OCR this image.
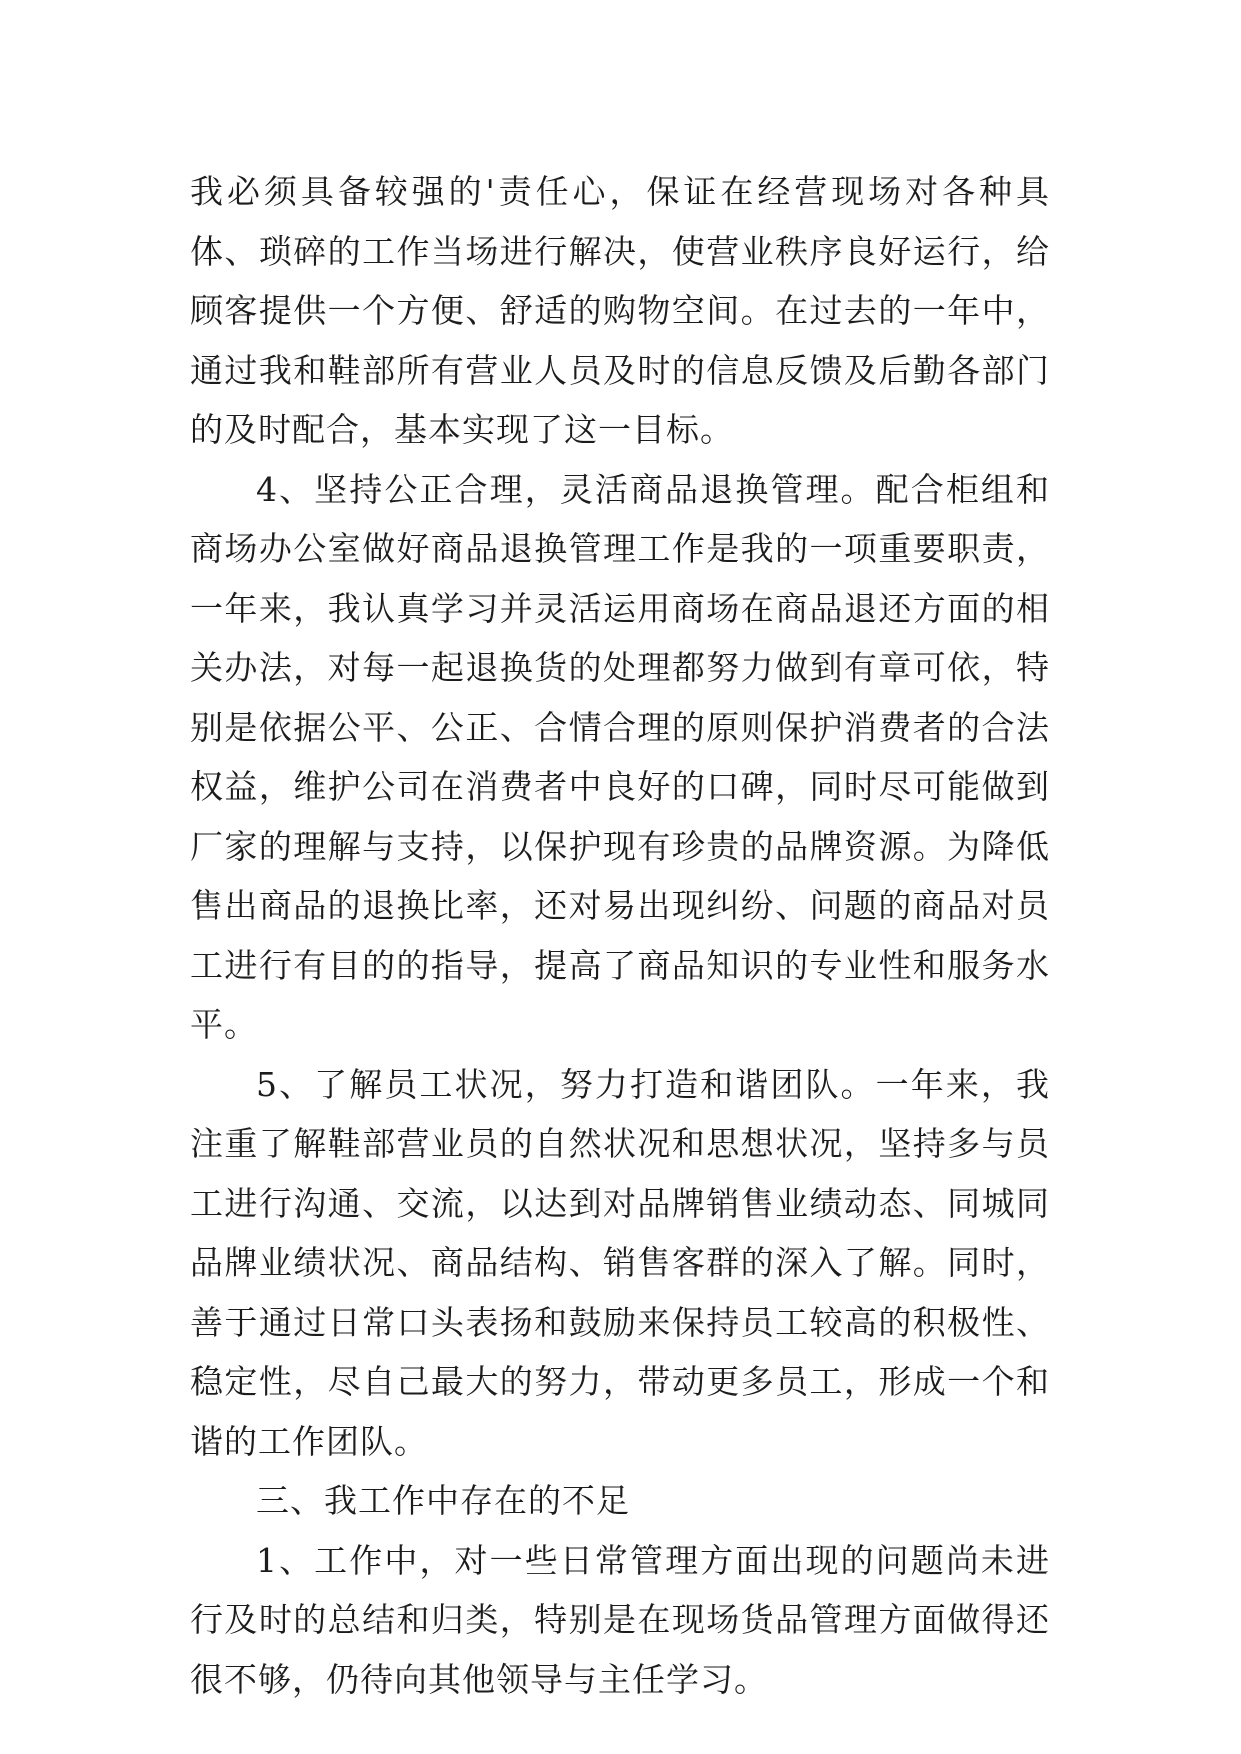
我必须具备较强的'责任心，保证在经营现场对各种具体、琐碎的工作当场进行解决，使营业秩序良好运行，给顾客提供一个方便、舒适的购物空间。在过去的一年中，通过我和鞋部所有营业人员及时的信息反馈及后勤各部门的及时配合，基本实现了这一目标。

4、坚持公正合理，灵活商品退换管理。配合柜组和商场办公室做好商品退换管理工作是我的一项重要职责，一年来，我认真学习并灵活运用商场在商品退还方面的相关办法，对每一起退换货的处理都努力做到有章可依，特别是依据公平、公正、合情合理的原则保护消费者的合法权益，维护公司在消费者中良好的口碑，同时尽可能做到厂家的理解与支持，以保护现有珍贵的品牌资源。为降低售出商品的退换比率，还对易出现纠纷、问题的商品对员工进行有目的的指导，提高了商品知识的专业性和服务水平。

5、了解员工状况，努力打造和谐团队。一年来，我注重了解鞋部营业员的自然状况和思想状况，坚持多与员工进行沟通、交流，以达到对品牌销售业绩动态、同城同品牌业绩状况、商品结构、销售客群的深入了解。同时，善于通过日常口头表扬和鼓励来保持员工较高的积极性、稳定性，尽自己最大的努力，带动更多员工，形成一个和谐的工作团队。

三、我工作中存在的不足

1、工作中，对一些日常管理方面出现的问题尚未进行及时的总结和归类，特别是在现场货品管理方面做得还很不够，仍待向其他领导与主任学习。
